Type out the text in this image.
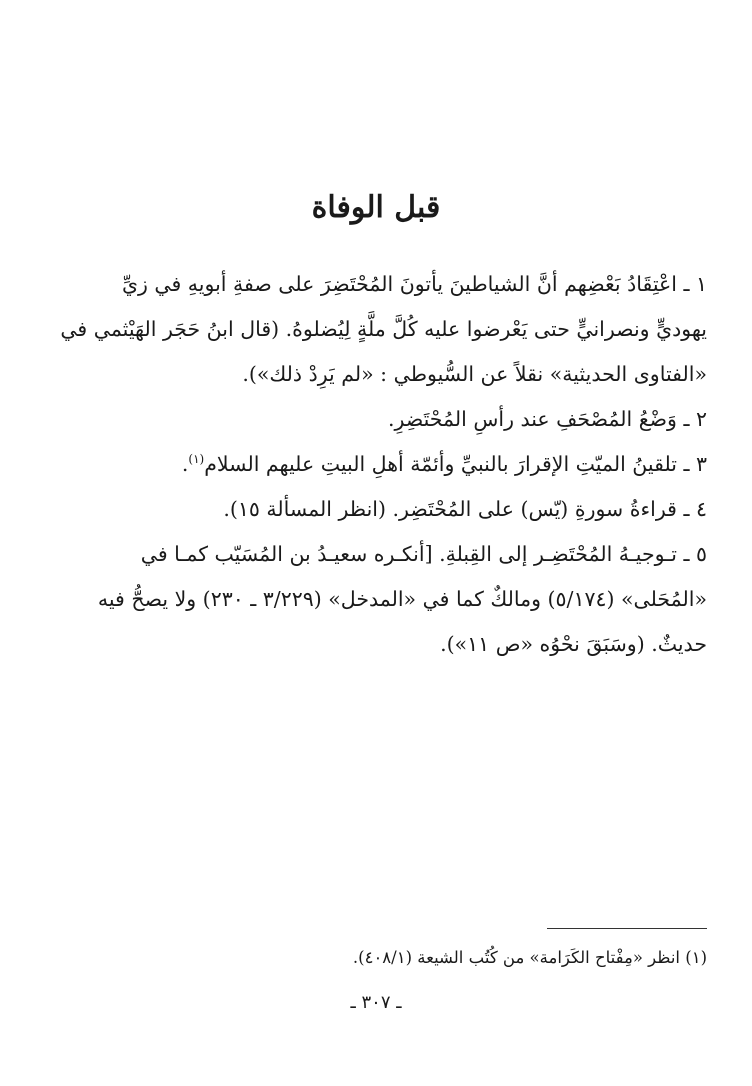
قبل الوفاة

١ ـ اعْتِقَادُ بَعْضِهم أنَّ الشياطينَ يأتونَ المُحْتَضِرَ على صفةِ أبويهِ في زيِّ
يهوديٍّ ونصرانيٍّ حتى يَعْرضوا عليه كُلَّ ملَّةٍ لِيُضلوهُ. (قال ابنُ حَجَر الهَيْثمي في
«الفتاوى الحديثية» نقلاً عن السُّيوطي : «لم يَرِدْ ذلك»).

٢ ـ وَضْعُ المُصْحَفِ عند رأسِ المُحْتَضِرِ.

٣ ـ تلقينُ الميّتِ الإقرارَ بالنبيِّ وأئمّة أهلِ البيتِ عليهم السلام$^{(١)}$.

٤ ـ قراءةُ سورةِ (يّس) على المُحْتَضِر. (انظر المسألة ١٥).

٥ ـ تـوجيـهُ المُحْتَضِـر إلى القِبلةِ. [أنكـره سعيـدُ بن المُسَيّب كمـا في
«المُحَلى» (٥/١٧٤) ومالكٌ كما في «المدخل» (٣/٢٢٩ ـ ٢٣٠) ولا يصحُّ فيه
حديثٌ. (وسَبَقَ نحْوُه «ص ١١»).

(١) انظر «مِفْتاح الكَرَامة» من كُتُب الشيعة (٤٠٨/١).
ـ ٣٠٧ ـ
